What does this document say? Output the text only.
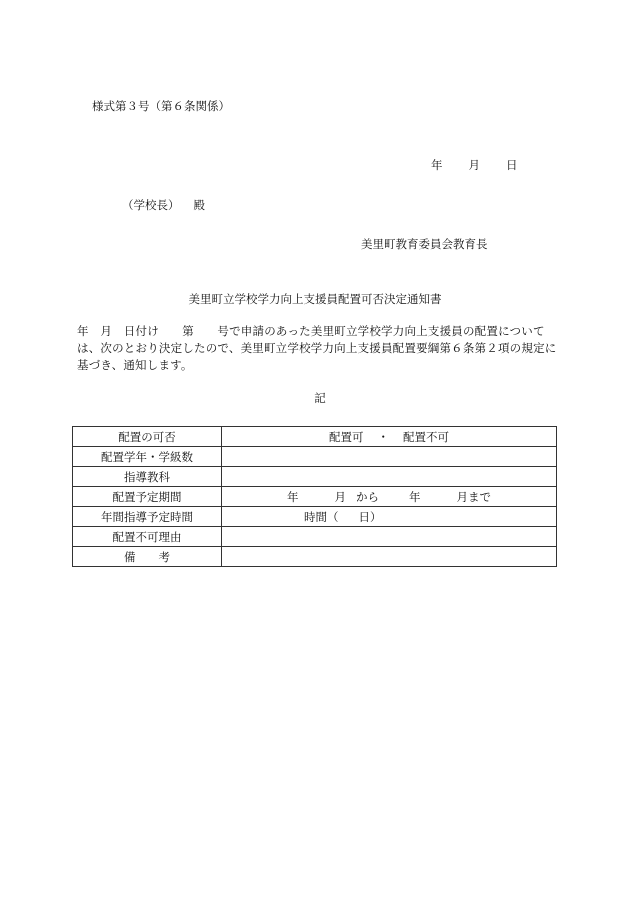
様式第３号（第６条関係）
年 月 日
（学校長） 殿
美里町教育委員会教育長
美里町立学校学力向上支援員配置可否決定通知書
年　月　日付け　　第　　号で申請のあった美里町立学校学力向上支援員の配置については、次のとおり決定したので、美里町立学校学力向上支援員配置要綱第６条第２項の規定に基づき、通知します。
記
配置の可否	配置可 ・ 配置不可
配置学年・学級数	
指導教科	
配置予定期間	年 月 から 年 月まで
年間指導予定時間	時間（ 日）
配置不可理由	
備　　考	
